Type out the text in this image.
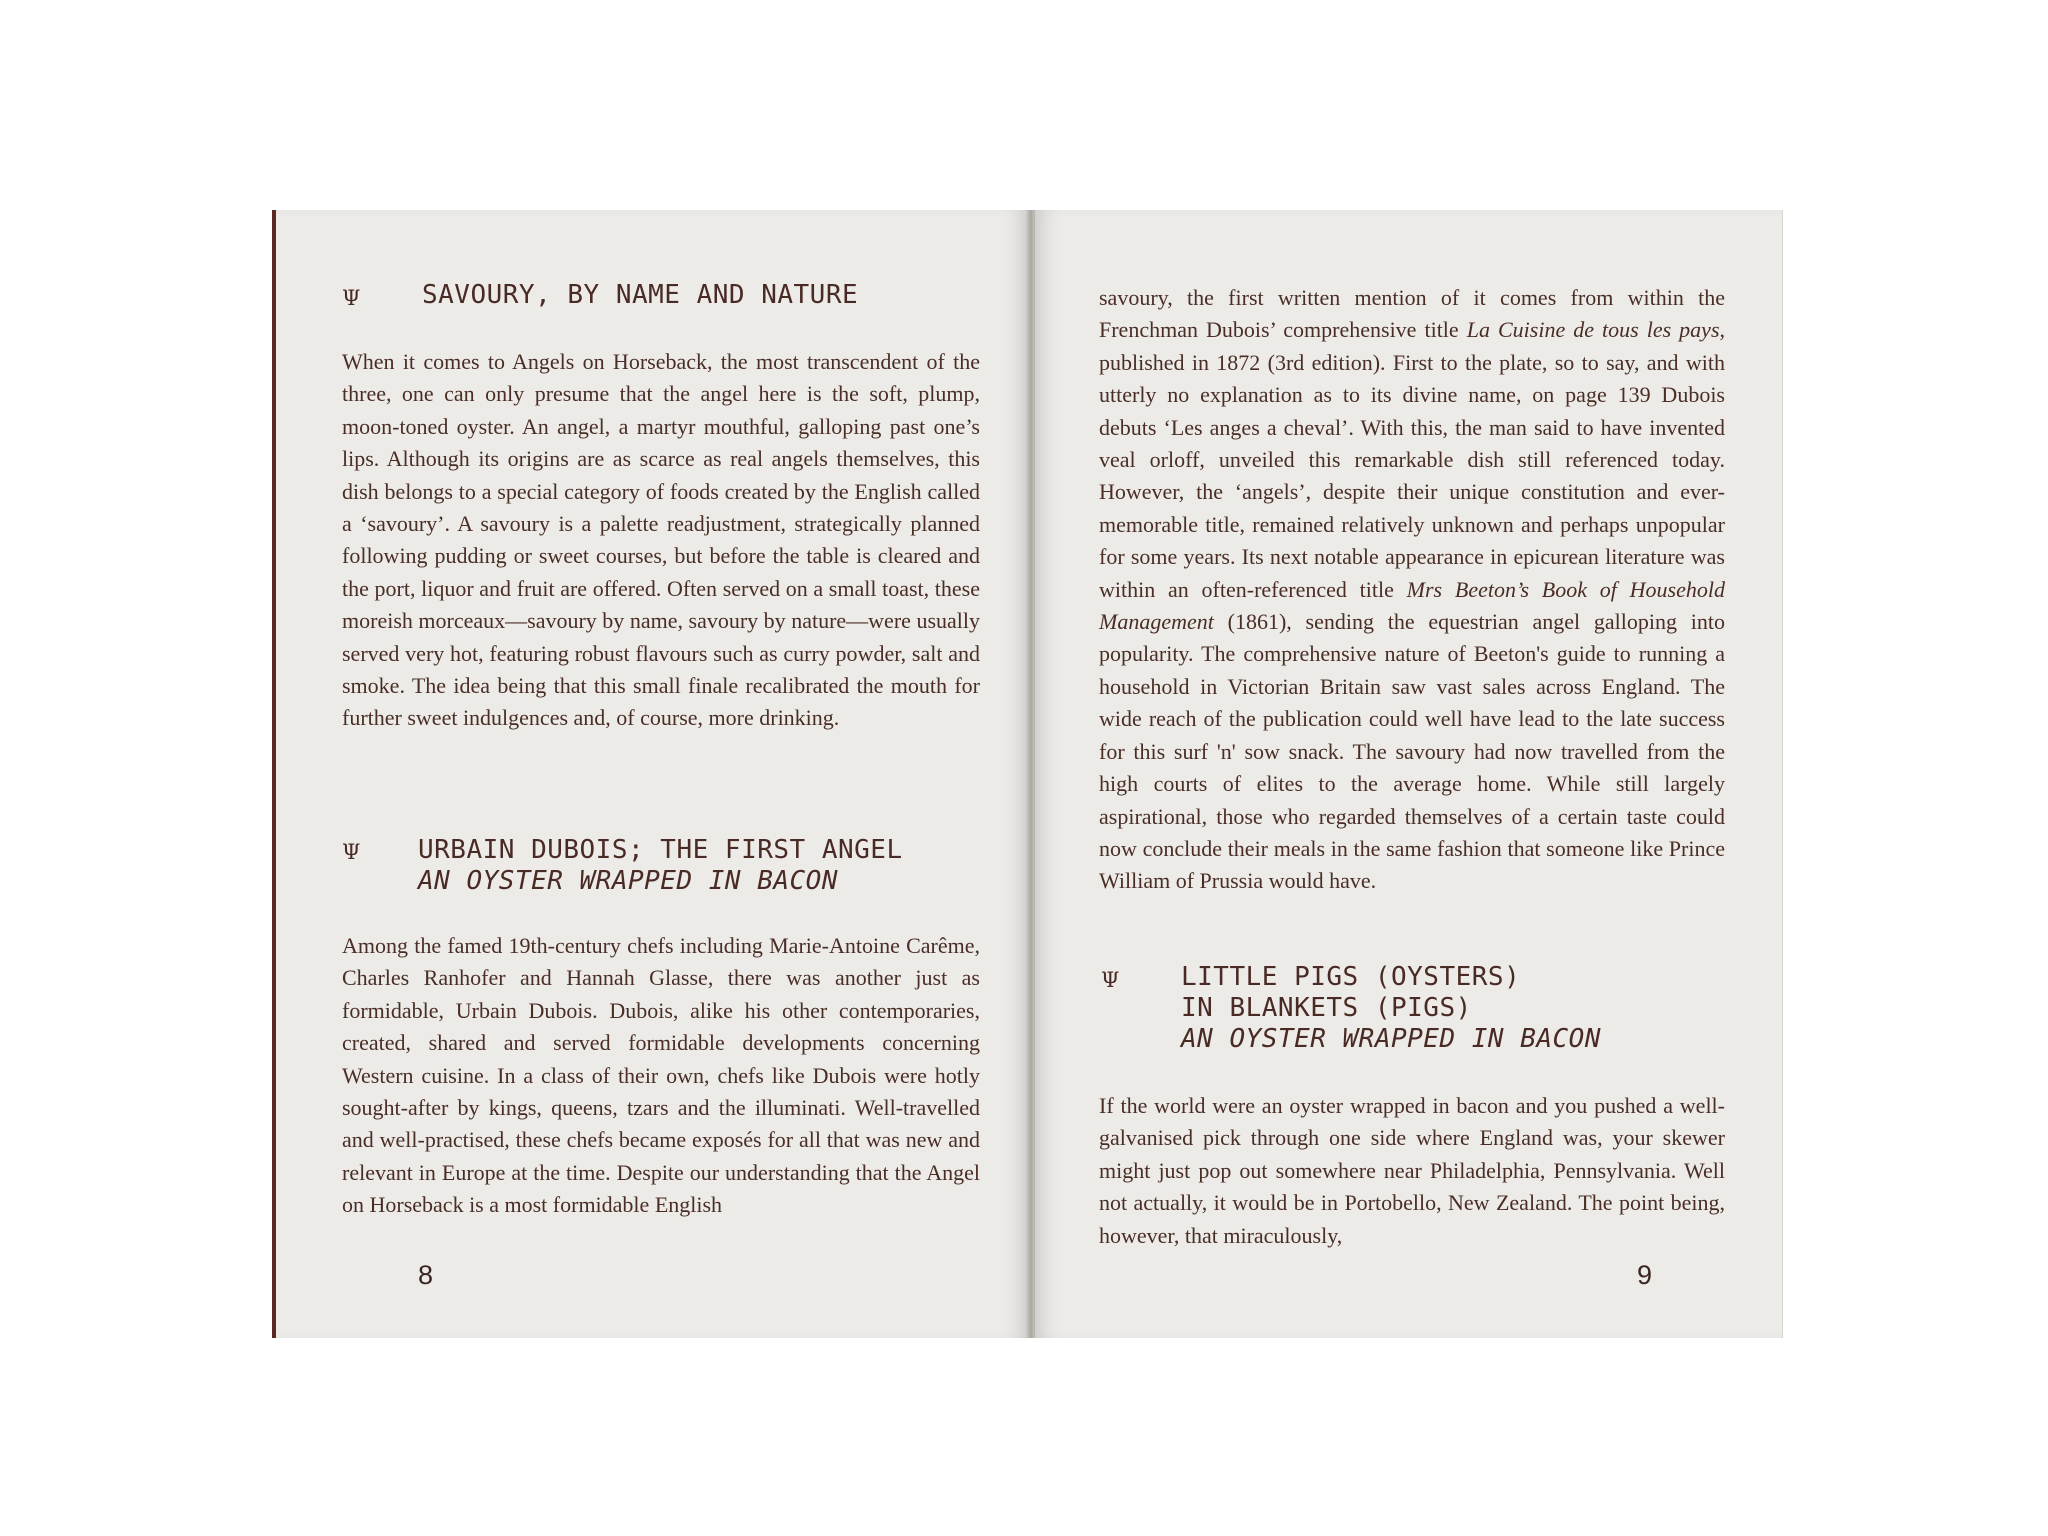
Ψ SAVOURY, BY NAME AND NATURE

When it comes to Angels on Horseback, the most transcendent of the three, one can only presume that the angel here is the soft, plump, moon-toned oyster. An angel, a martyr mouthful, galloping past one’s lips. Although its origins are as scarce as real angels themselves, this dish belongs to a special category of foods created by the English called a ‘savoury’. A savoury is a palette readjustment, strategically planned following pudding or sweet courses, but before the table is cleared and the port, liquor and fruit are offered. Often served on a small toast, these moreish morceaux—savoury by name, savoury by nature—were usually served very hot, featuring robust flavours such as curry powder, salt and smoke. The idea being that this small finale recalibrated the mouth for further sweet indulgences and, of course, more drinking.

Ψ URBAIN DUBOIS; THE FIRST ANGEL
AN OYSTER WRAPPED IN BACON

Among the famed 19th-century chefs including Marie-Antoine Carême, Charles Ranhofer and Hannah Glasse, there was another just as formidable, Urbain Dubois. Dubois, alike his other contemporaries, created, shared and served formidable developments concerning Western cuisine. In a class of their own, chefs like Dubois were hotly sought-after by kings, queens, tzars and the illuminati. Well-travelled and well-practised, these chefs became exposés for all that was new and relevant in Europe at the time. Despite our understanding that the Angel on Horseback is a most formidable English

8

savoury, the first written mention of it comes from within the Frenchman Dubois’ comprehensive title La Cuisine de tous les pays, published in 1872 (3rd edition). First to the plate, so to say, and with utterly no explanation as to its divine name, on page 139 Dubois debuts ‘Les anges a cheval’. With this, the man said to have invented veal orloff, unveiled this remarkable dish still referenced today. However, the ‘angels’, despite their unique constitution and ever-memorable title, remained relatively unknown and perhaps unpopular for some years. Its next notable appearance in epicurean literature was within an often-referenced title Mrs Beeton’s Book of Household Management (1861), sending the equestrian angel galloping into popularity. The comprehensive nature of Beeton's guide to running a household in Victorian Britain saw vast sales across England. The wide reach of the publication could well have lead to the late success for this surf 'n' sow snack. The savoury had now travelled from the high courts of elites to the average home. While still largely aspirational, those who regarded themselves of a certain taste could now conclude their meals in the same fashion that someone like Prince William of Prussia would have.

Ψ LITTLE PIGS (OYSTERS)
IN BLANKETS (PIGS)
AN OYSTER WRAPPED IN BACON

If the world were an oyster wrapped in bacon and you pushed a well-galvanised pick through one side where England was, your skewer might just pop out somewhere near Philadelphia, Pennsylvania. Well not actually, it would be in Portobello, New Zealand. The point being, however, that miraculously,

9
